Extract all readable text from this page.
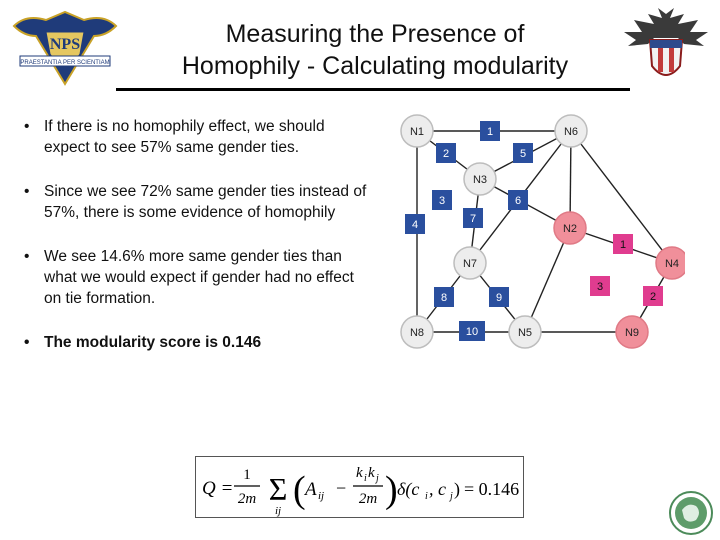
NPS
PRAESTANTIA PER SCIENTIAM
Measuring the Presence of
Homophily - Calculating modularity
• If there is no homophily effect, we should expect to see 57% same gender ties.
• Since we see 72% same gender ties instead of 57%, there is some evidence of homophily
• We see 14.6% more same gender ties than what we would expect if gender had no effect on tie formation.
• The modularity score is 0.146
1
2	5
3	6
4	7
8	9
10
1
3
2
N1	N6
N3
N2
N7	N4
N8	N5	N9
Q =
1
2m Σ
ij ( A ij −
k i k j
2m ) δ(c i , c j ) = 0.146
